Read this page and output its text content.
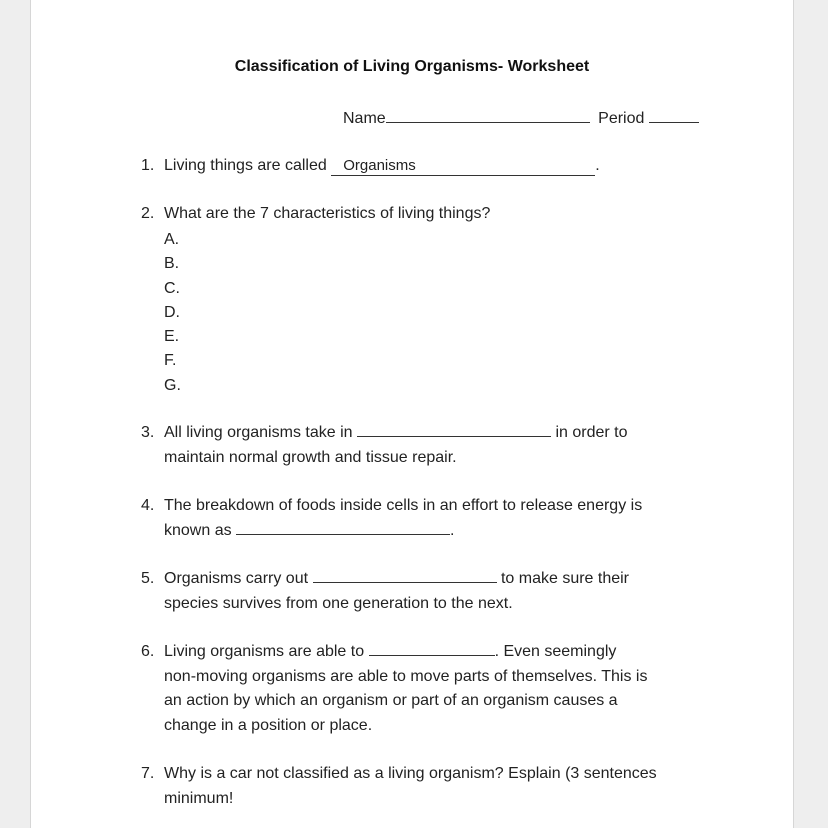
Classification of Living Organisms- Worksheet
Name	Period
1. Living things are called Organisms	.
2. What are the 7 characteristics of living things?
A.
B.
C.
D.
E.
F.
G.
3. All living organisms take in	in order to
maintain normal growth and tissue repair.
4. The breakdown of foods inside cells in an effort to release energy is
known as	.
5. Organisms carry out	to make sure their
species survives from one generation to the next.
6. Living organisms are able to	. Even seemingly
non-moving organisms are able to move parts of themselves. This is
an action by which an organism or part of an organism causes a
change in a position or place.
7. Why is a car not classified as a living organism? Esplain (3 sentences
minimum!
